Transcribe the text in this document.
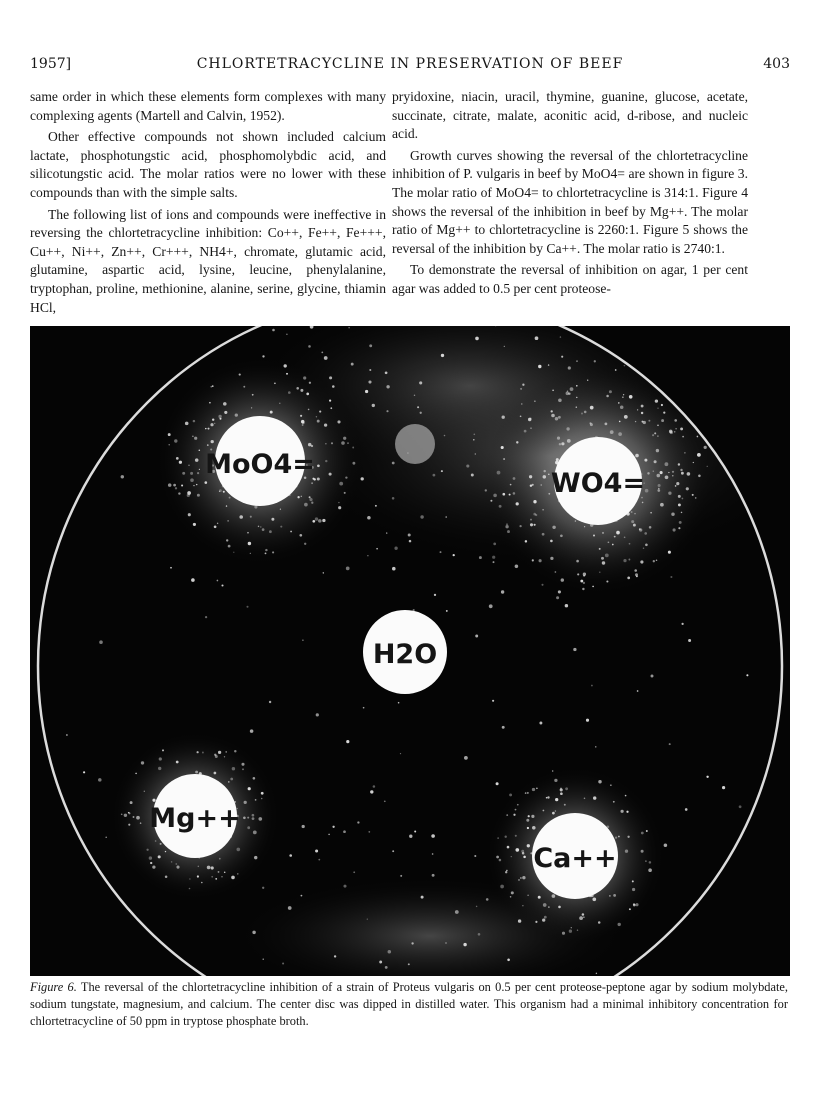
1957]	CHLORTETRACYCLINE IN PRESERVATION OF BEEF	403

same order in which these elements form complexes with many complexing agents (Martell and Calvin, 1952).

Other effective compounds not shown included calcium lactate, phosphotungstic acid, phosphomolybdic acid, and silicotungstic acid. The molar ratios were no lower with these compounds than with the simple salts.

The following list of ions and compounds were ineffective in reversing the chlortetracycline inhibition: Co++, Fe++, Fe+++, Cu++, Ni++, Zn++, Cr+++, NH4+, chromate, glutamic acid, glutamine, aspartic acid, lysine, leucine, phenylalanine, tryptophan, proline, methionine, alanine, serine, glycine, thiamin HCl,

pryidoxine, niacin, uracil, thymine, guanine, glucose, acetate, succinate, citrate, malate, aconitic acid, d-ribose, and nucleic acid.

Growth curves showing the reversal of the chlortetracycline inhibition of P. vulgaris in beef by MoO4= are shown in figure 3. The molar ratio of MoO4= to chlortetracycline is 314:1. Figure 4 shows the reversal of the inhibition in beef by Mg++. The molar ratio of Mg++ to chlortetracycline is 2260:1. Figure 5 shows the reversal of the inhibition by Ca++. The molar ratio is 2740:1.

To demonstrate the reversal of inhibition on agar, 1 per cent agar was added to 0.5 per cent proteose-

MoO4=
WO4=
H2O
Mg++
Ca++
Figure 6. The reversal of the chlortetracycline inhibition of a strain of Proteus vulgaris on 0.5 per cent proteose-peptone agar by sodium molybdate, sodium tungstate, magnesium, and calcium. The center disc was dipped in distilled water. This organism had a minimal inhibitory concentration for chlortetracycline of 50 ppm in tryptose phosphate broth.
